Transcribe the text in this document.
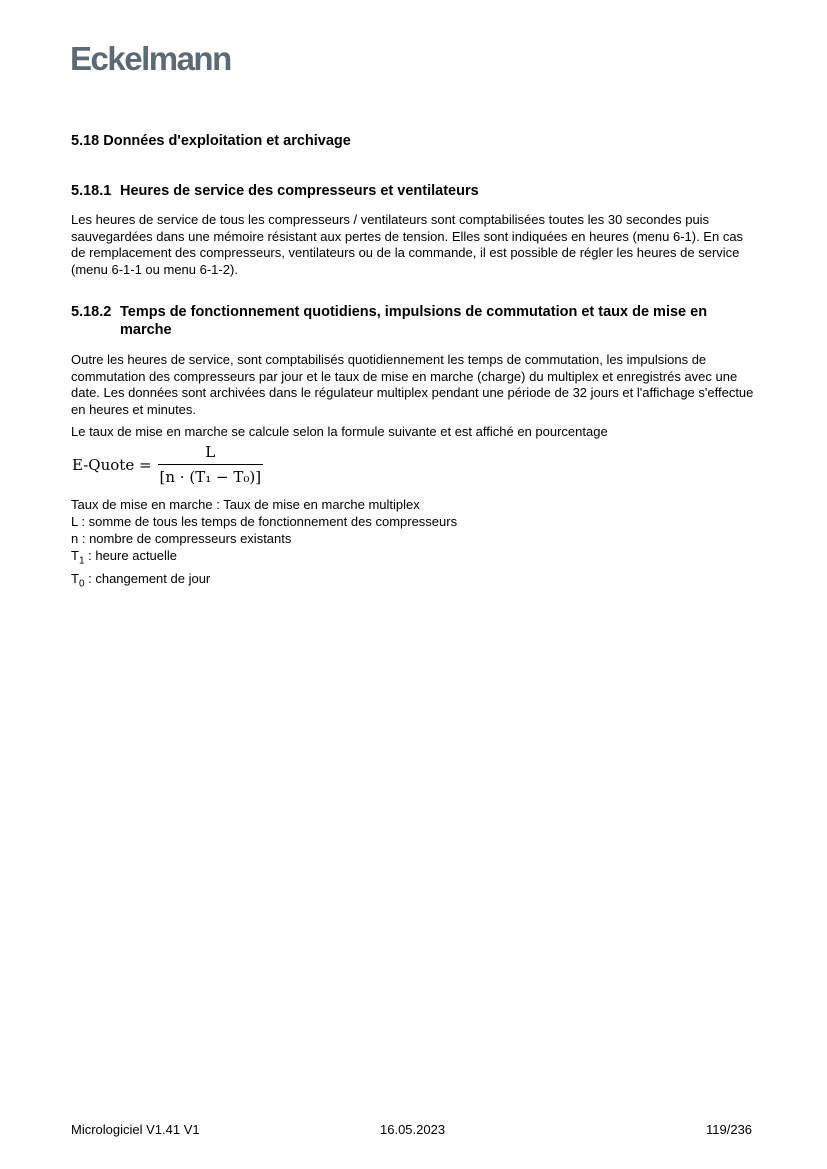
Eckelmann
5.18 Données d'exploitation et archivage
5.18.1 Heures de service des compresseurs et ventilateurs
Les heures de service de tous les compresseurs / ventilateurs sont comptabilisées toutes les 30 secondes puis sauvegardées dans une mémoire résistant aux pertes de tension. Elles sont indiquées en heures (menu 6-1). En cas de remplacement des compresseurs, ventilateurs ou de la commande, il est possible de régler les heures de service (menu 6-1-1 ou menu 6-1-2).
5.18.2 Temps de fonctionnement quotidiens, impulsions de commutation et taux de mise en
marche
Outre les heures de service, sont comptabilisés quotidiennement les temps de commutation, les impulsions de commutation des compresseurs par jour et le taux de mise en marche (charge) du multiplex et enregistrés avec une date. Les données sont archivées dans le régulateur multiplex pendant une période de 32 jours et l'affichage s'effectue en heures et minutes.
Le taux de mise en marche se calcule selon la formule suivante et est affiché en pourcentage
E-Quote = $\frac{L}{\text{[n · (T₁ − T₀)]}}$
Taux de mise en marche : Taux de mise en marche multiplex
L : somme de tous les temps de fonctionnement des compresseurs
n : nombre de compresseurs existants
$T_1$ : heure actuelle
$T_0$ : changement de jour
Micrologiciel V1.41 V1	16.05.2023	119/236
